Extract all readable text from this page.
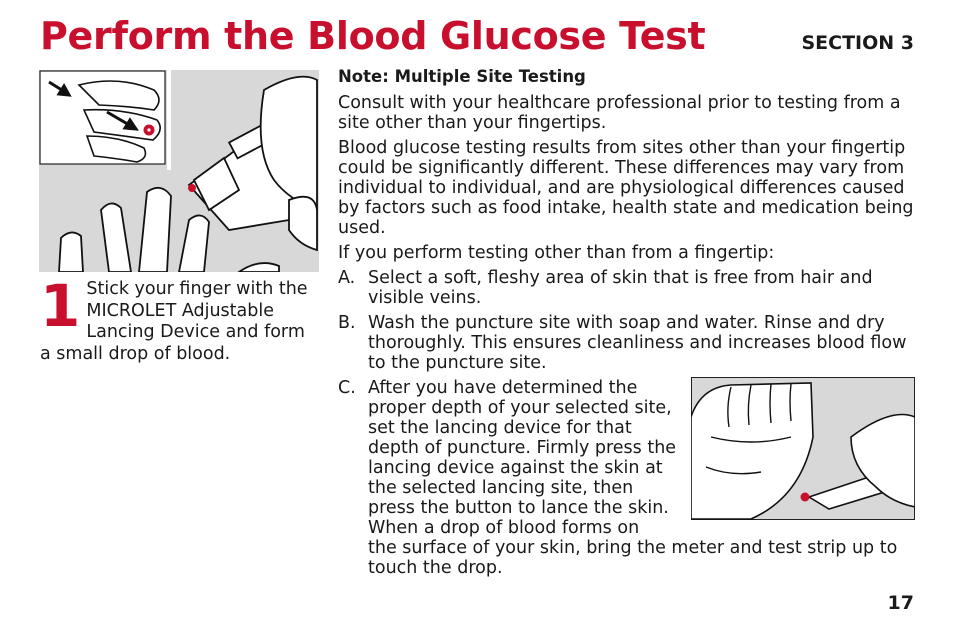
Perform the Blood Glucose Test	SECTION 3
1 Stick your finger with the MICROLET Adjustable Lancing Device and form a small drop of blood.

Note: Multiple Site Testing

Consult with your healthcare professional prior to testing from a site other than your fingertips.

Blood glucose testing results from sites other than your fingertip could be significantly different. These differences may vary from individual to individual, and are physiological differences caused by factors such as food intake, health state and medication being used.

If you perform testing other than from a fingertip:

A. Select a soft, fleshy area of skin that is free from hair and visible veins.
B. Wash the puncture site with soap and water. Rinse and dry thoroughly. This ensures cleanliness and increases blood flow to the puncture site.
C. After you have determined the proper depth of your selected site, set the lancing device for that depth of puncture. Firmly press the lancing device against the skin at the selected lancing site, then press the button to lance the skin. When a drop of blood forms on
the surface of your skin, bring the meter and test strip up to touch the drop.
17
